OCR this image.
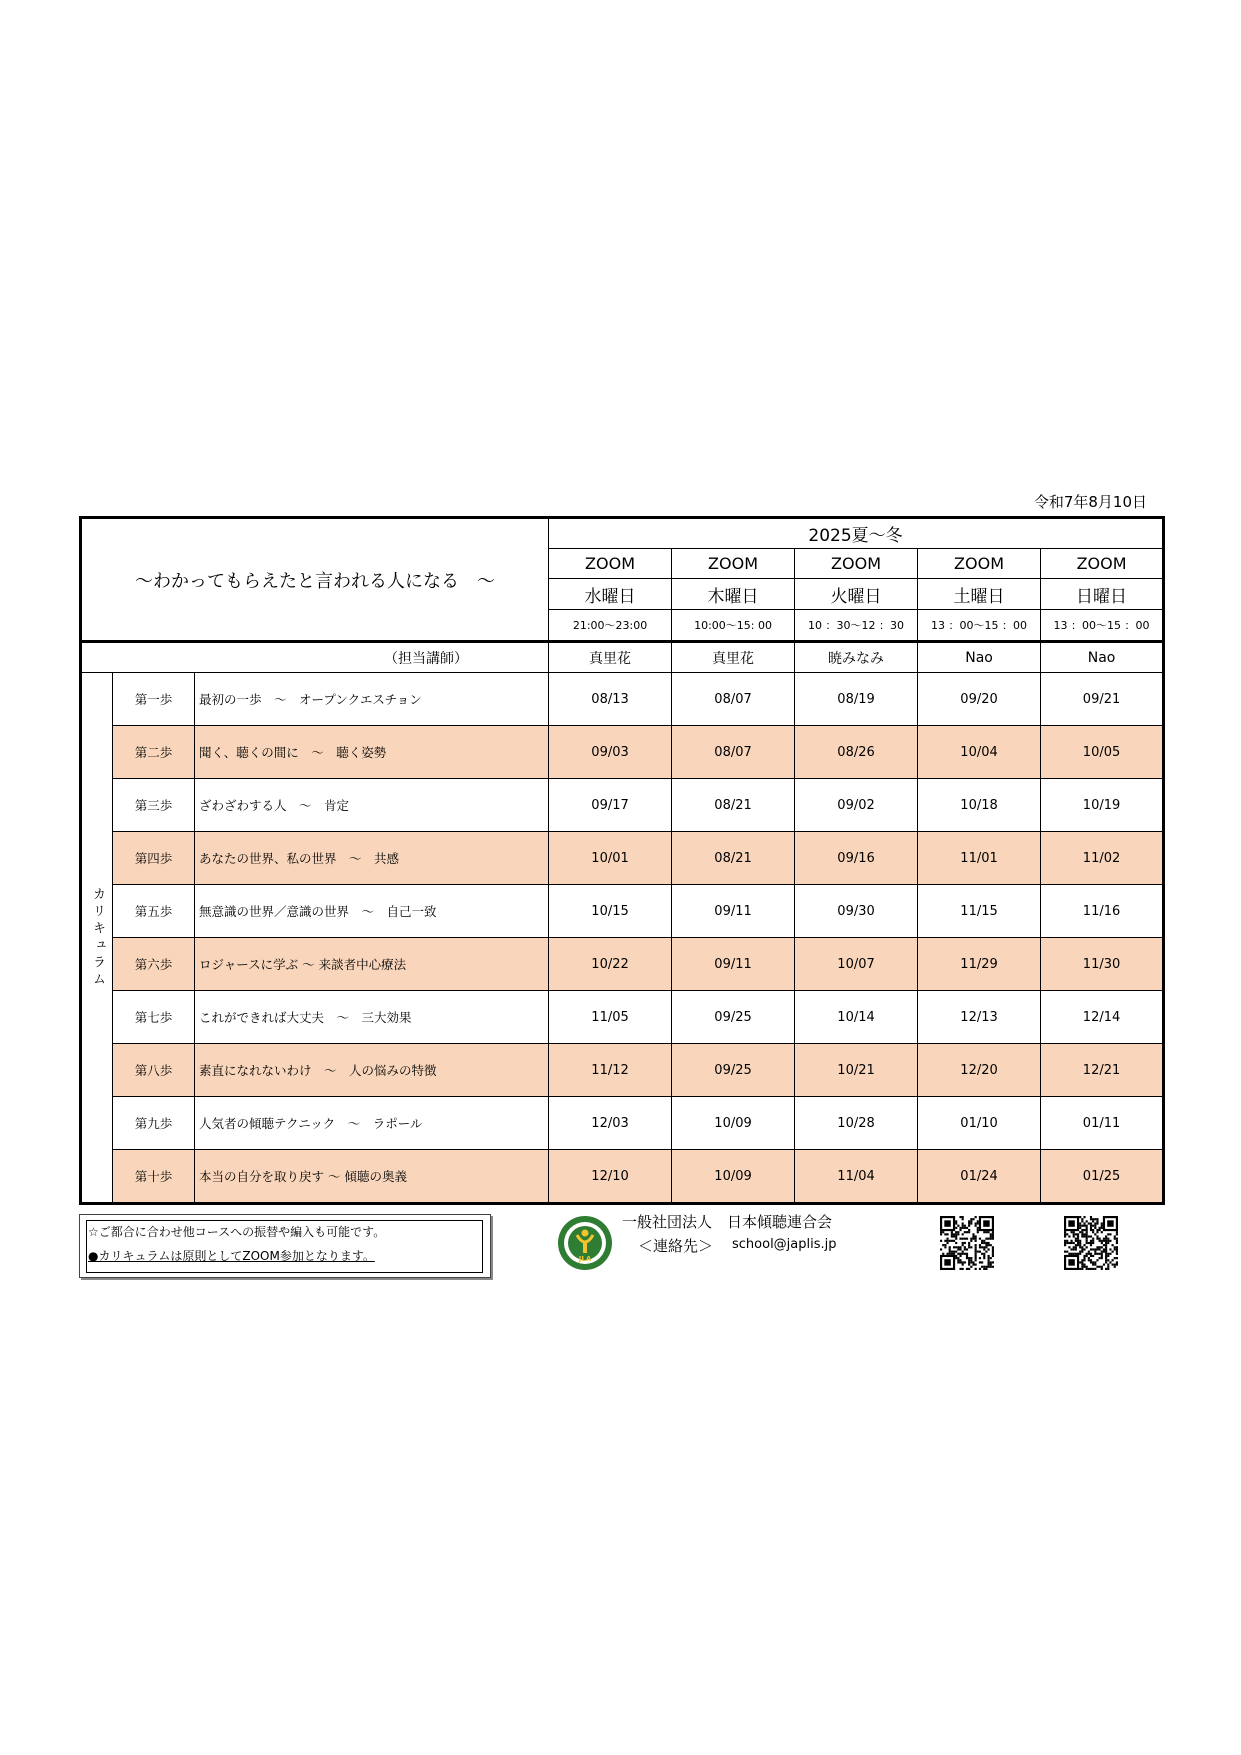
令和7年8月10日
～わかってもらえたと言われる人になる　～			2025夏～冬				
			ZOOM	ZOOM	ZOOM	ZOOM	ZOOM
			水曜日	木曜日	火曜日	土曜日	日曜日
			21:00～23:00	10:00～15: 00	10 ：30～12 ：30	13 ：00～15 ：00	13 ：00～15 ：00
（担当講師）			真里花	真里花	暁みなみ	Nao	Nao
カリキュラム	第一歩	最初の一歩　～　オープンクエスチョン	08/13	08/07	08/19	09/20	09/21
	第二歩	聞く、聴くの間に　～　聴く姿勢	09/03	08/07	08/26	10/04	10/05
	第三歩	ざわざわする人　～　肯定	09/17	08/21	09/02	10/18	10/19
	第四歩	あなたの世界、私の世界　～　共感	10/01	08/21	09/16	11/01	11/02
	第五歩	無意識の世界／意識の世界　～　自己一致	10/15	09/11	09/30	11/15	11/16
	第六歩	ロジャースに学ぶ ～ 来談者中心療法	10/22	09/11	10/07	11/29	11/30
	第七歩	これができれば大丈夫　～　三大効果	11/05	09/25	10/14	12/13	12/14
	第八歩	素直になれないわけ　～　人の悩みの特徴	11/12	09/25	10/21	12/20	12/21
	第九歩	人気者の傾聴テクニック　～　ラポール	12/03	10/09	10/28	01/10	01/11
	第十歩	本当の自分を取り戻す ～ 傾聴の奥義	12/10	10/09	11/04	01/24	01/25
☆ご都合に合わせ他コースへの振替や編入も可能です。
●カリキュラムは原則としてZOOM参加となります。	JLA
一般社団法人　日本傾聴連合会
＜連絡先＞ school@japlis.jp
